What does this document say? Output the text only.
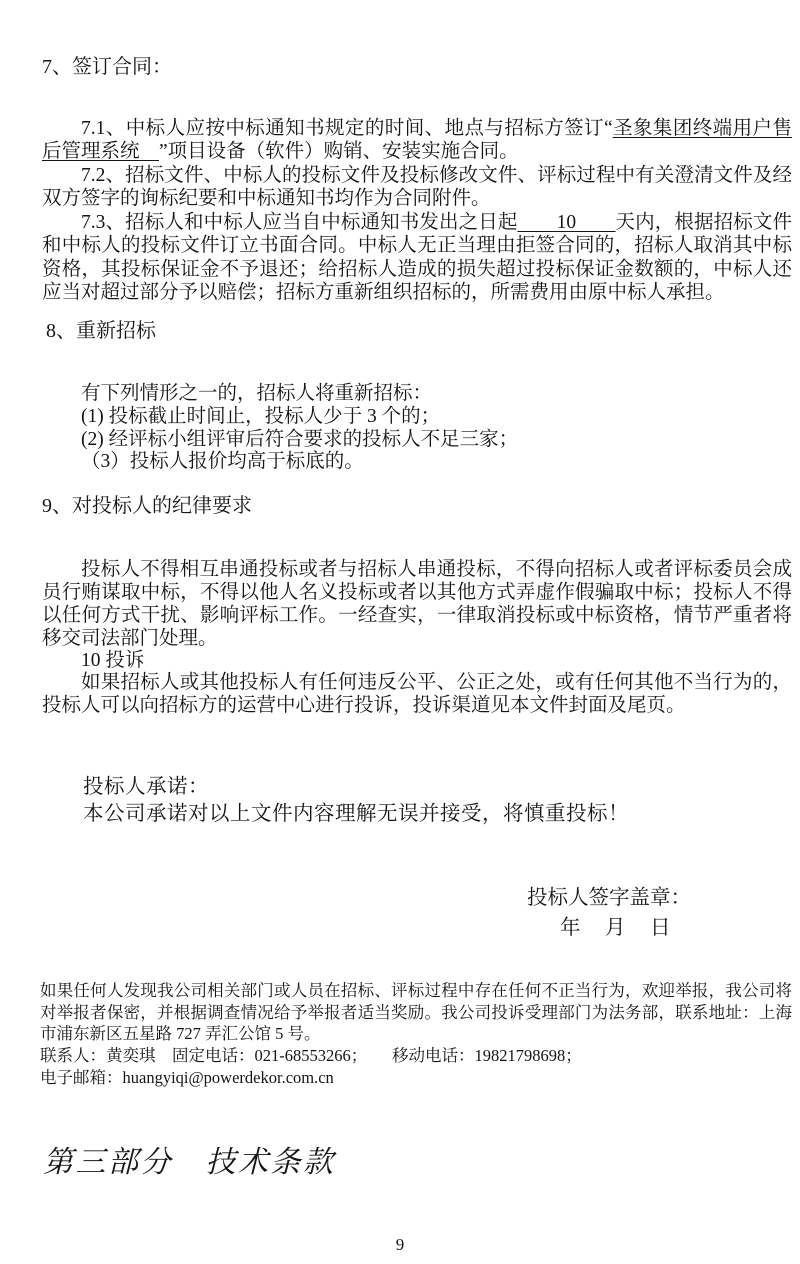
7、签订合同：

7.1、中标人应按中标通知书规定的时间、地点与招标方签订“圣象集团终端用户售后管理系统　”项目设备（软件）购销、安装实施合同。

7.2、招标文件、中标人的投标文件及投标修改文件、评标过程中有关澄清文件及经双方签字的询标纪要和中标通知书均作为合同附件。

7.3、招标人和中标人应当自中标通知书发出之日起　　10　　天内，根据招标文件和中标人的投标文件订立书面合同。中标人无正当理由拒签合同的，招标人取消其中标资格，其投标保证金不予退还；给招标人造成的损失超过投标保证金数额的，中标人还应当对超过部分予以赔偿；招标方重新组织招标的，所需费用由原中标人承担。

8、重新招标

有下列情形之一的，招标人将重新招标：

(1) 投标截止时间止，投标人少于 3 个的；

(2) 经评标小组评审后符合要求的投标人不足三家；

（3）投标人报价均高于标底的。

9、对投标人的纪律要求

投标人不得相互串通投标或者与招标人串通投标，不得向招标人或者评标委员会成员行贿谋取中标，不得以他人名义投标或者以其他方式弄虚作假骗取中标；投标人不得以任何方式干扰、影响评标工作。一经查实，一律取消投标或中标资格，情节严重者将移交司法部门处理。

10 投诉

如果招标人或其他投标人有任何违反公平、公正之处，或有任何其他不当行为的，投标人可以向招标方的运营中心进行投诉，投诉渠道见本文件封面及尾页。

投标人承诺：

本公司承诺对以上文件内容理解无误并接受，将慎重投标！

投标人签字盖章：
年　月　日

如果任何人发现我公司相关部门或人员在招标、评标过程中存在任何不正当行为，欢迎举报，我公司将对举报者保密，并根据调查情况给予举报者适当奖励。我公司投诉受理部门为法务部，联系地址：上海市浦东新区五星路 727 弄汇公馆 5 号。

联系人：黄奕琪　固定电话：021-68553266；　　移动电话：19821798698；

电子邮箱：huangyiqi@powerdekor.com.cn

第三部分　技术条款
9
